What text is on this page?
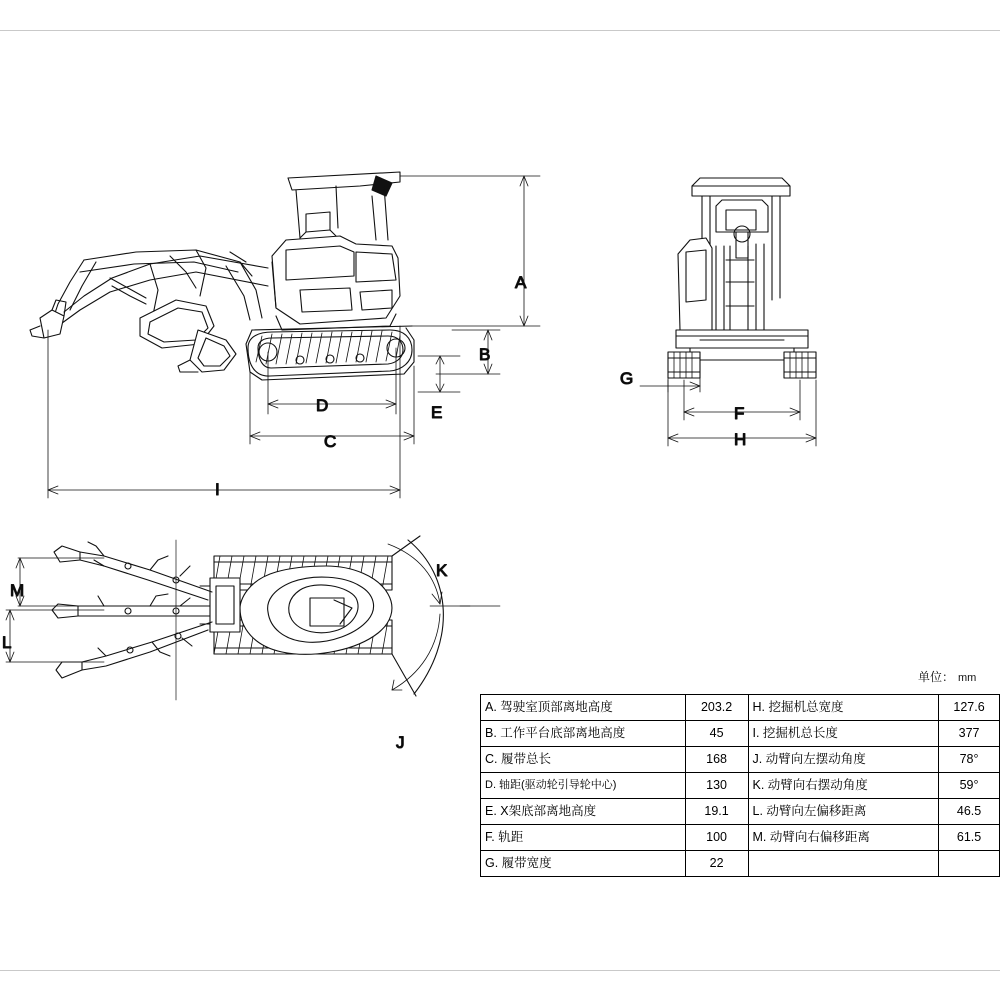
A
B
E
D
C
I
G
F
H
M
L
K
J
单位： mm
A. 驾驶室顶部离地高度	203.2	H. 挖掘机总宽度	127.6
B. 工作平台底部离地高度	45	I. 挖掘机总长度	377
C. 履带总长	168	J. 动臂向左摆动角度	78°
D. 轴距(驱动轮引导轮中心)	130	K. 动臂向右摆动角度	59°
E. X架底部离地高度	19.1	L. 动臂向左偏移距离	46.5
F. 轨距	100	M. 动臂向右偏移距离	61.5
G. 履带宽度	22		
